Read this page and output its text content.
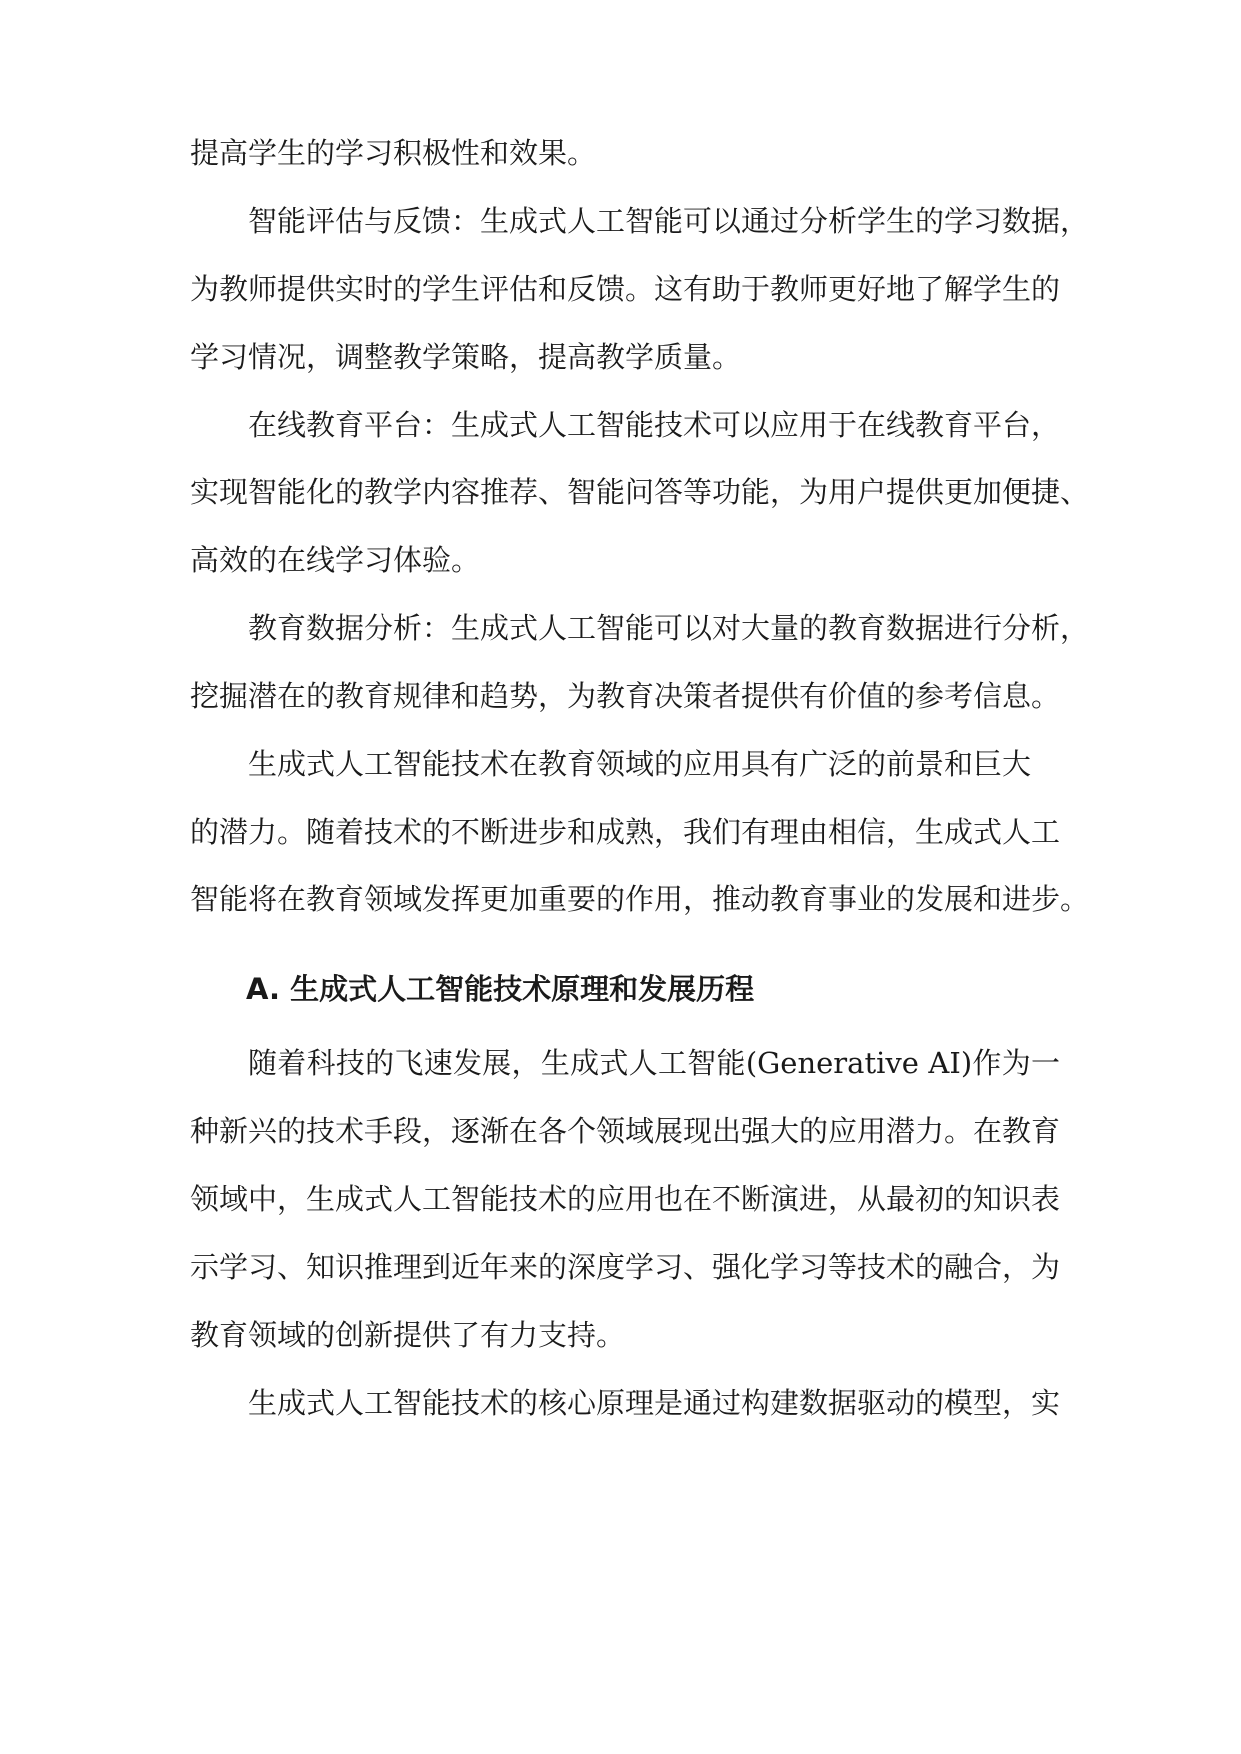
提高学生的学习积极性和效果。
智能评估与反馈：生成式人工智能可以通过分析学生的学习数据，
为教师提供实时的学生评估和反馈。这有助于教师更好地了解学生的
学习情况，调整教学策略，提高教学质量。
在线教育平台：生成式人工智能技术可以应用于在线教育平台，
实现智能化的教学内容推荐、智能问答等功能，为用户提供更加便捷、
高效的在线学习体验。
教育数据分析：生成式人工智能可以对大量的教育数据进行分析，
挖掘潜在的教育规律和趋势，为教育决策者提供有价值的参考信息。
生成式人工智能技术在教育领域的应用具有广泛的前景和巨大
的潜力。随着技术的不断进步和成熟，我们有理由相信，生成式人工
智能将在教育领域发挥更加重要的作用，推动教育事业的发展和进步。
A. 生成式人工智能技术原理和发展历程
随着科技的飞速发展，生成式人工智能(Generative AI)作为一
种新兴的技术手段，逐渐在各个领域展现出强大的应用潜力。在教育
领域中，生成式人工智能技术的应用也在不断演进，从最初的知识表
示学习、知识推理到近年来的深度学习、强化学习等技术的融合，为
教育领域的创新提供了有力支持。
生成式人工智能技术的核心原理是通过构建数据驱动的模型，实
